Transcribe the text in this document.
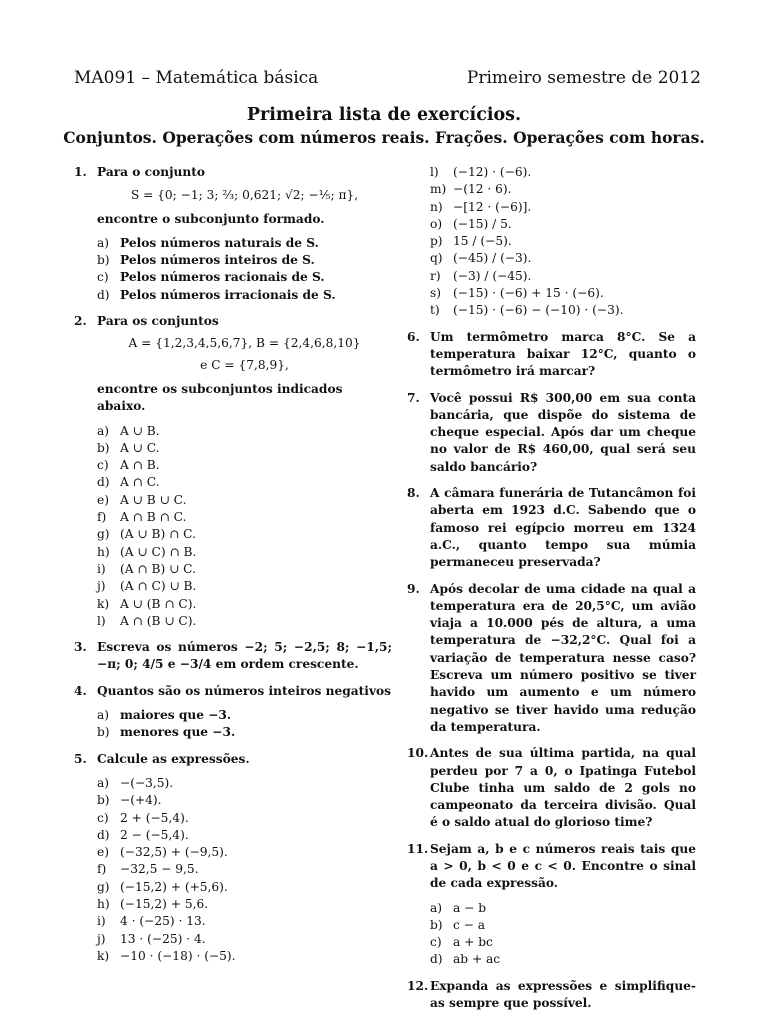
MA091 – Matemática básica	Primeiro semestre de 2012
Primeira lista de exercícios.
Conjuntos. Operações com números reais. Frações. Operações com horas.
1. Para o conjunto
S = {0; −1; 3; ²⁄₃; 0,621; √2; −¹⁄₅; π},
encontre o subconjunto formado.
a) Pelos números naturais de S.
b) Pelos números inteiros de S.
c) Pelos números racionais de S.
d) Pelos números irracionais de S.
2. Para os conjuntos
A = {1,2,3,4,5,6,7}, B = {2,4,6,8,10}
e C = {7,8,9},
encontre os subconjuntos indicados abaixo.
a) A ∪ B.
b) A ∪ C.
c) A ∩ B.
d) A ∩ C.
e) A ∪ B ∪ C.
f) A ∩ B ∩ C.
g) (A ∪ B) ∩ C.
h) (A ∪ C) ∩ B.
i) (A ∩ B) ∪ C.
j) (A ∩ C) ∪ B.
k) A ∪ (B ∩ C).
l) A ∩ (B ∪ C).
3. Escreva os números −2; 5; −2,5; 8; −1,5; −π; 0; 4/5 e −3/4 em ordem crescente.
4. Quantos são os números inteiros negativos
a) maiores que −3.
b) menores que −3.
5. Calcule as expressões.
a) −(−3,5).
b) −(+4).
c) 2 + (−5,4).
d) 2 − (−5,4).
e) (−32,5) + (−9,5).
f) −32,5 − 9,5.
g) (−15,2) + (+5,6).
h) (−15,2) + 5,6.
i) 4 · (−25) · 13.
j) 13 · (−25) · 4.
k) −10 · (−18) · (−5).
l) (−12) · (−6).
m) −(12 · 6).
n) −[12 · (−6)].
o) (−15) / 5.
p) 15 / (−5).
q) (−45) / (−3).
r) (−3) / (−45).
s) (−15) · (−6) + 15 · (−6).
t) (−15) · (−6) − (−10) · (−3).
6. Um termômetro marca 8°C. Se a temperatura baixar 12°C, quanto o termômetro irá marcar?
7. Você possui R$ 300,00 em sua conta bancária, que dispõe do sistema de cheque especial. Após dar um cheque no valor de R$ 460,00, qual será seu saldo bancário?
8. A câmara funerária de Tutancâmon foi aberta em 1923 d.C. Sabendo que o famoso rei egípcio morreu em 1324 a.C., quanto tempo sua múmia permaneceu preservada?
9. Após decolar de uma cidade na qual a temperatura era de 20,5°C, um avião viaja a 10.000 pés de altura, a uma temperatura de −32,2°C. Qual foi a variação de temperatura nesse caso? Escreva um número positivo se tiver havido um aumento e um número negativo se tiver havido uma redução da temperatura.
10. Antes de sua última partida, na qual perdeu por 7 a 0, o Ipatinga Futebol Clube tinha um saldo de 2 gols no campeonato da terceira divisão. Qual é o saldo atual do glorioso time?
11. Sejam a, b e c números reais tais que a > 0, b < 0 e c < 0. Encontre o sinal de cada expressão.
a) a − b
b) c − a
c) a + bc
d) ab + ac
12. Expanda as expressões e simplifique-as sempre que possível.
